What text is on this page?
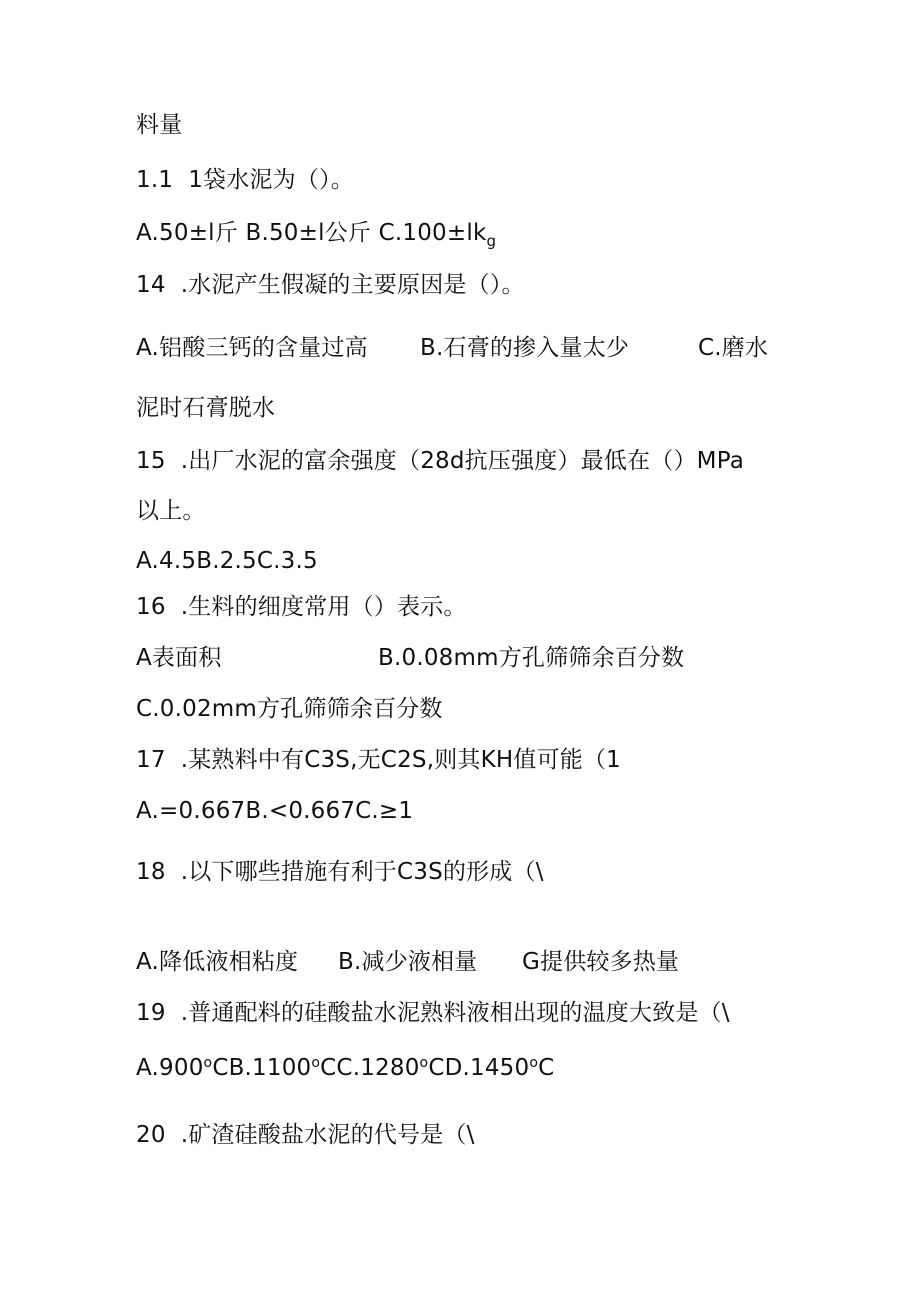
料量
1.1  1袋水泥为（）。
A.50±l斤 B.50±l公斤 $C.100\pm lk_g$
14  .水泥产生假凝的主要原因是（）。
A.铝酸三钙的含量过高 B.石膏的掺入量太少	C.磨水
泥时石膏脱水
15  .出厂水泥的富余强度（28d抗压强度）最低在（）MPa
以上。
A.4.5B.2.5C.3.5
16  .生料的细度常用（）表示。
A表面积	B.0.08mm方孔筛筛余百分数
C.0.02mm方孔筛筛余百分数
17  .某熟料中有C3S,无C2S,则其KH值可能（1
A.=0.667B.<0.667C.≥1
18  .以下哪些措施有利于C3S的形成（\
A.降低液相粘度 B.减少液相量 G提供较多热量
19  .普通配料的硅酸盐水泥熟料液相出现的温度大致是（\
A.900$^o$CB.1100$^o$CC.1280$^o$CD.1450$^o$C
20  .矿渣硅酸盐水泥的代号是（\
